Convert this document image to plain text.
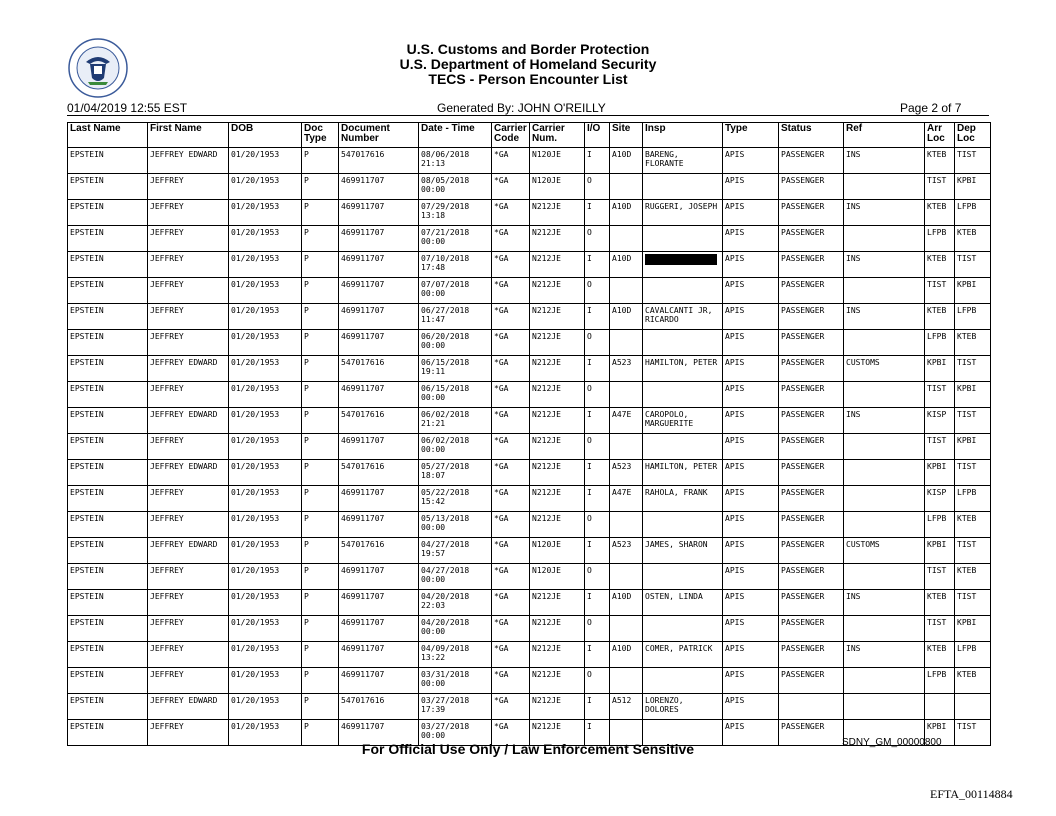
U.S. Customs and Border Protection
U.S. Department of Homeland Security
TECS - Person Encounter List
01/04/2019 12:55 EST	Generated By: JOHN O'REILLY	Page 2 of 7
Last Name	First Name	DOB	Doc Type	Document Number	Date - Time	Carrier Code	Carrier Num.	I/O	Site	Insp	Type	Status	Ref	Arr Loc	Dep Loc
EPSTEIN	JEFFREY EDWARD	01/20/1953	P	547017616	08/06/2018 21:13	*GA	N120JE	I	A10D	BARENG, FLORANTE	APIS	PASSENGER	INS	KTEB	TIST
EPSTEIN	JEFFREY	01/20/1953	P	469911707	08/05/2018 00:00	*GA	N120JE	O			APIS	PASSENGER		TIST	KPBI
EPSTEIN	JEFFREY	01/20/1953	P	469911707	07/29/2018 13:18	*GA	N212JE	I	A10D	RUGGERI, JOSEPH	APIS	PASSENGER	INS	KTEB	LFPB
EPSTEIN	JEFFREY	01/20/1953	P	469911707	07/21/2018 00:00	*GA	N212JE	O			APIS	PASSENGER		LFPB	KTEB
EPSTEIN	JEFFREY	01/20/1953	P	469911707	07/10/2018 17:48	*GA	N212JE	I	A10D		APIS	PASSENGER	INS	KTEB	TIST
EPSTEIN	JEFFREY	01/20/1953	P	469911707	07/07/2018 00:00	*GA	N212JE	O			APIS	PASSENGER		TIST	KPBI
EPSTEIN	JEFFREY	01/20/1953	P	469911707	06/27/2018 11:47	*GA	N212JE	I	A10D	CAVALCANTI JR, RICARDO	APIS	PASSENGER	INS	KTEB	LFPB
EPSTEIN	JEFFREY	01/20/1953	P	469911707	06/20/2018 00:00	*GA	N212JE	O			APIS	PASSENGER		LFPB	KTEB
EPSTEIN	JEFFREY EDWARD	01/20/1953	P	547017616	06/15/2018 19:11	*GA	N212JE	I	A523	HAMILTON, PETER	APIS	PASSENGER	CUSTOMS	KPBI	TIST
EPSTEIN	JEFFREY	01/20/1953	P	469911707	06/15/2018 00:00	*GA	N212JE	O			APIS	PASSENGER		TIST	KPBI
EPSTEIN	JEFFREY EDWARD	01/20/1953	P	547017616	06/02/2018 21:21	*GA	N212JE	I	A47E	CAROPOLO, MARGUERITE	APIS	PASSENGER	INS	KISP	TIST
EPSTEIN	JEFFREY	01/20/1953	P	469911707	06/02/2018 00:00	*GA	N212JE	O			APIS	PASSENGER		TIST	KPBI
EPSTEIN	JEFFREY EDWARD	01/20/1953	P	547017616	05/27/2018 18:07	*GA	N212JE	I	A523	HAMILTON, PETER	APIS	PASSENGER		KPBI	TIST
EPSTEIN	JEFFREY	01/20/1953	P	469911707	05/22/2018 15:42	*GA	N212JE	I	A47E	RAHOLA, FRANK	APIS	PASSENGER		KISP	LFPB
EPSTEIN	JEFFREY	01/20/1953	P	469911707	05/13/2018 00:00	*GA	N212JE	O			APIS	PASSENGER		LFPB	KTEB
EPSTEIN	JEFFREY EDWARD	01/20/1953	P	547017616	04/27/2018 19:57	*GA	N120JE	I	A523	JAMES, SHARON	APIS	PASSENGER	CUSTOMS	KPBI	TIST
EPSTEIN	JEFFREY	01/20/1953	P	469911707	04/27/2018 00:00	*GA	N120JE	O			APIS	PASSENGER		TIST	KTEB
EPSTEIN	JEFFREY	01/20/1953	P	469911707	04/20/2018 22:03	*GA	N212JE	I	A10D	OSTEN, LINDA	APIS	PASSENGER	INS	KTEB	TIST
EPSTEIN	JEFFREY	01/20/1953	P	469911707	04/20/2018 00:00	*GA	N212JE	O			APIS	PASSENGER		TIST	KPBI
EPSTEIN	JEFFREY	01/20/1953	P	469911707	04/09/2018 13:22	*GA	N212JE	I	A10D	COMER, PATRICK	APIS	PASSENGER	INS	KTEB	LFPB
EPSTEIN	JEFFREY	01/20/1953	P	469911707	03/31/2018 00:00	*GA	N212JE	O			APIS	PASSENGER		LFPB	KTEB
EPSTEIN	JEFFREY EDWARD	01/20/1953	P	547017616	03/27/2018 17:39	*GA	N212JE	I	A512	LORENZO, DOLORES	APIS				
EPSTEIN	JEFFREY	01/20/1953	P	469911707	03/27/2018 00:00	*GA	N212JE	I			APIS	PASSENGER		KPBI	TIST
For Official Use Only / Law Enforcement Sensitive	SDNY_GM_00000800
EFTA_00114884
